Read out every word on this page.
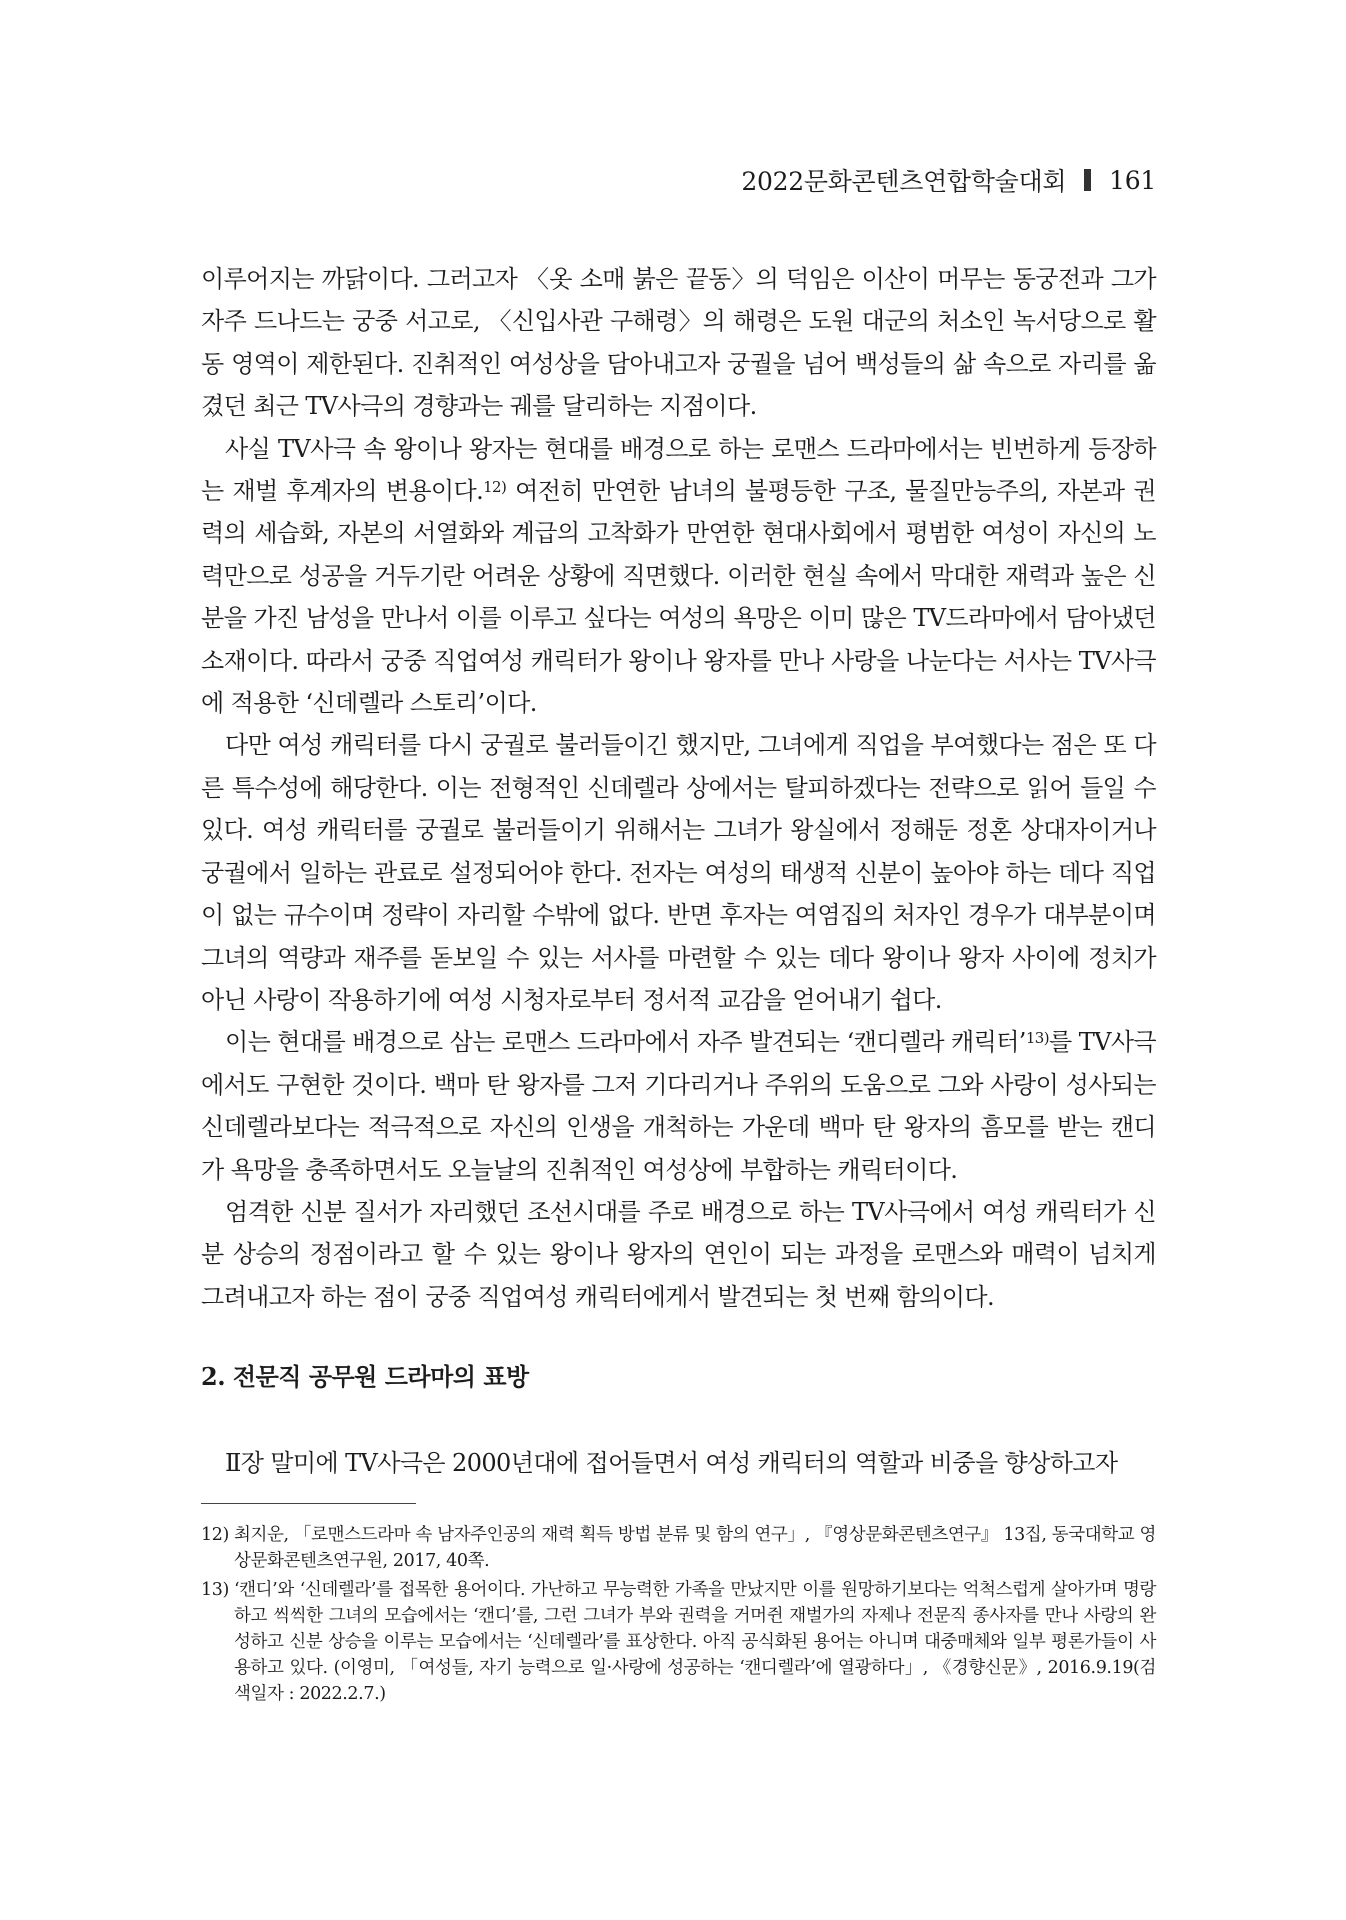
2022문화콘텐츠연합학술대회 161

이루어지는 까닭이다. 그러고자 〈옷 소매 붉은 끝동〉의 덕임은 이산이 머무는 동궁전과 그가 자주 드나드는 궁중 서고로, 〈신입사관 구해령〉의 해령은 도원 대군의 처소인 녹서당으로 활동 영역이 제한된다. 진취적인 여성상을 담아내고자 궁궐을 넘어 백성들의 삶 속으로 자리를 옮겼던 최근 TV사극의 경향과는 궤를 달리하는 지점이다.

사실 TV사극 속 왕이나 왕자는 현대를 배경으로 하는 로맨스 드라마에서는 빈번하게 등장하는 재벌 후계자의 변용이다.$^{12)}$ 여전히 만연한 남녀의 불평등한 구조, 물질만능주의, 자본과 권력의 세습화, 자본의 서열화와 계급의 고착화가 만연한 현대사회에서 평범한 여성이 자신의 노력만으로 성공을 거두기란 어려운 상황에 직면했다. 이러한 현실 속에서 막대한 재력과 높은 신분을 가진 남성을 만나서 이를 이루고 싶다는 여성의 욕망은 이미 많은 TV드라마에서 담아냈던 소재이다. 따라서 궁중 직업여성 캐릭터가 왕이나 왕자를 만나 사랑을 나눈다는 서사는 TV사극에 적용한 ‘신데렐라 스토리’이다.

다만 여성 캐릭터를 다시 궁궐로 불러들이긴 했지만, 그녀에게 직업을 부여했다는 점은 또 다른 특수성에 해당한다. 이는 전형적인 신데렐라 상에서는 탈피하겠다는 전략으로 읽어 들일 수 있다. 여성 캐릭터를 궁궐로 불러들이기 위해서는 그녀가 왕실에서 정해둔 정혼 상대자이거나 궁궐에서 일하는 관료로 설정되어야 한다. 전자는 여성의 태생적 신분이 높아야 하는 데다 직업이 없는 규수이며 정략이 자리할 수밖에 없다. 반면 후자는 여염집의 처자인 경우가 대부분이며 그녀의 역량과 재주를 돋보일 수 있는 서사를 마련할 수 있는 데다 왕이나 왕자 사이에 정치가 아닌 사랑이 작용하기에 여성 시청자로부터 정서적 교감을 얻어내기 쉽다.

이는 현대를 배경으로 삼는 로맨스 드라마에서 자주 발견되는 ‘캔디렐라 캐릭터’$^{13)}$를 TV사극에서도 구현한 것이다. 백마 탄 왕자를 그저 기다리거나 주위의 도움으로 그와 사랑이 성사되는 신데렐라보다는 적극적으로 자신의 인생을 개척하는 가운데 백마 탄 왕자의 흠모를 받는 캔디가 욕망을 충족하면서도 오늘날의 진취적인 여성상에 부합하는 캐릭터이다.

엄격한 신분 질서가 자리했던 조선시대를 주로 배경으로 하는 TV사극에서 여성 캐릭터가 신분 상승의 정점이라고 할 수 있는 왕이나 왕자의 연인이 되는 과정을 로맨스와 매력이 넘치게 그려내고자 하는 점이 궁중 직업여성 캐릭터에게서 발견되는 첫 번째 함의이다.

2. 전문직 공무원 드라마의 표방

Ⅱ장 말미에 TV사극은 2000년대에 접어들면서 여성 캐릭터의 역할과 비중을 향상하고자

12) 최지운, 「로맨스드라마 속 남자주인공의 재력 획득 방법 분류 및 함의 연구」, 『영상문화콘텐츠연구』 13집, 동국대학교 영상문화콘텐츠연구원, 2017, 40쪽.
13) ‘캔디’와 ‘신데렐라’를 접목한 용어이다. 가난하고 무능력한 가족을 만났지만 이를 원망하기보다는 억척스럽게 살아가며 명랑하고 씩씩한 그녀의 모습에서는 ‘캔디’를, 그런 그녀가 부와 권력을 거머쥔 재벌가의 자제나 전문직 종사자를 만나 사랑의 완성하고 신분 상승을 이루는 모습에서는 ‘신데렐라’를 표상한다. 아직 공식화된 용어는 아니며 대중매체와 일부 평론가들이 사용하고 있다. (이영미, 「여성들, 자기 능력으로 일·사랑에 성공하는 ‘캔디렐라’에 열광하다」, 《경향신문》, 2016.9.19(검색일자 : 2022.2.7.)
